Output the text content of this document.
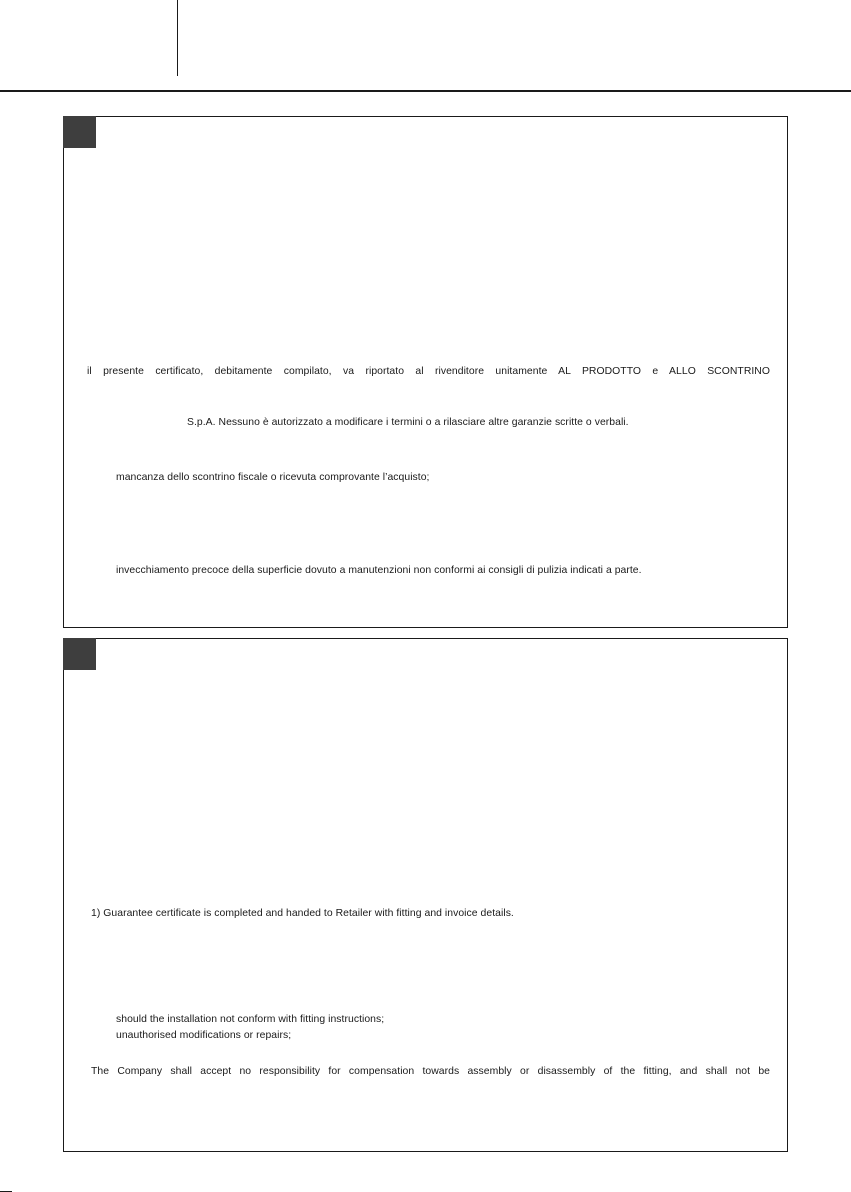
il presente certificato, debitamente compilato, va riportato al rivenditore unitamente AL PRODOTTO e ALLO SCONTRINO

S.p.A. Nessuno è autorizzato a modificare i termini o a rilasciare altre garanzie scritte o verbali.

mancanza dello scontrino fiscale o ricevuta comprovante l’acquisto;

invecchiamento precoce della superficie dovuto a manutenzioni non conformi ai consigli di pulizia indicati a parte.

1) Guarantee certificate is completed and handed to Retailer with fitting and invoice details.

should the installation not conform with fitting instructions;

unauthorised modifications or repairs;

The Company shall accept no responsibility for compensation towards assembly or disassembly of the fitting, and shall not be
